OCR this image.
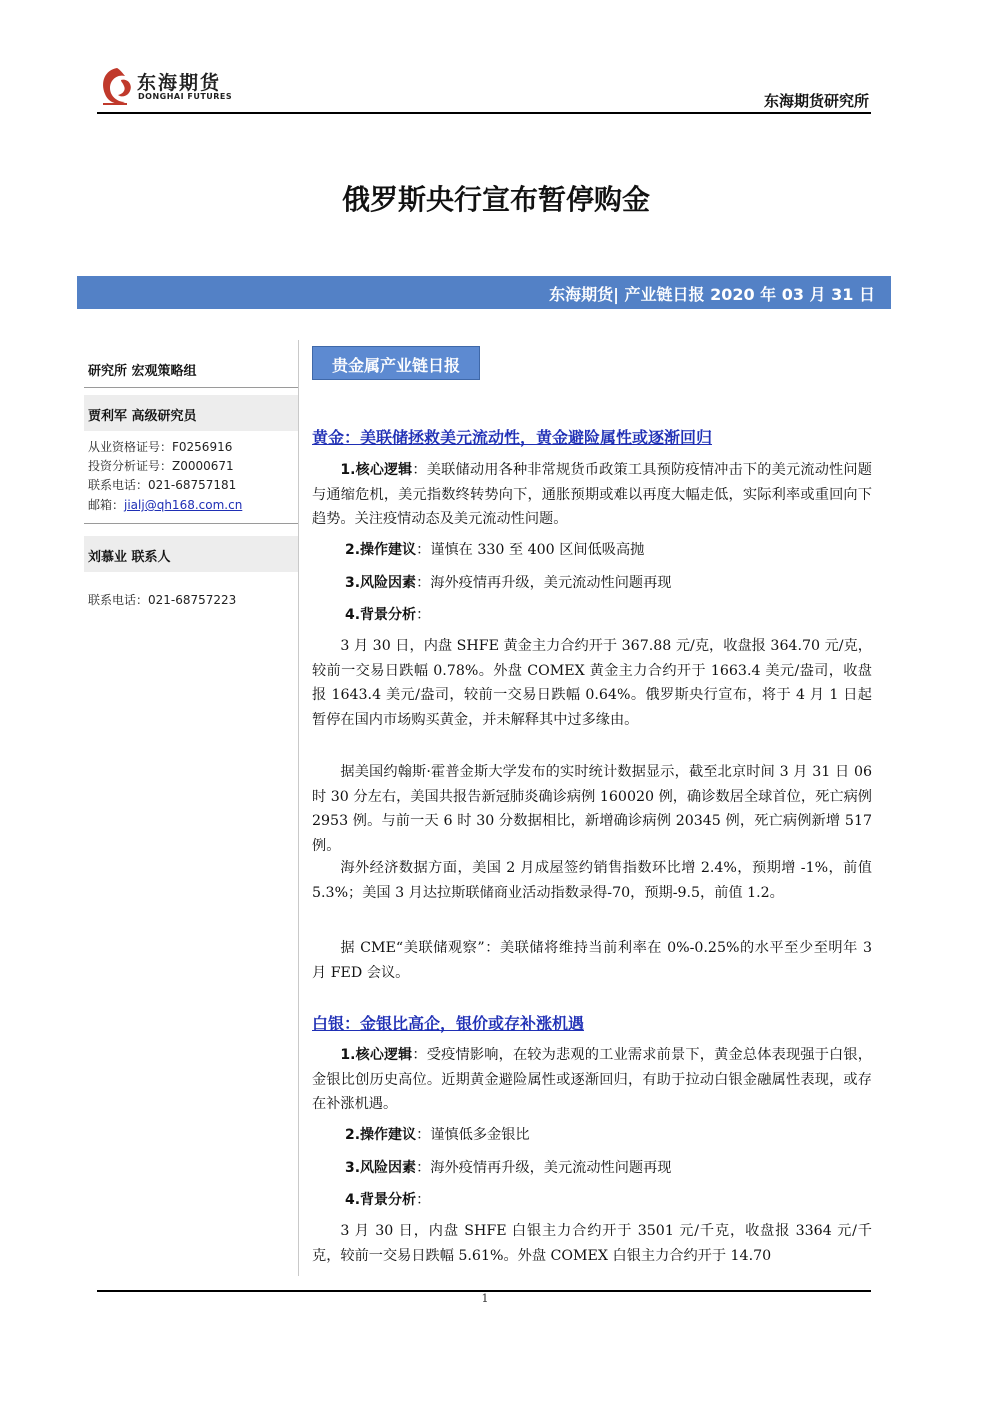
东海期货
DONGHAI FUTURES	东海期货研究所
俄罗斯央行宣布暂停购金
东海期货| 产业链日报 2020 年 03 月 31 日
研究所 宏观策略组
贾利军 高级研究员
从业资格证号：F0256916
投资分析证号：Z0000671
联系电话：021-68757181
邮箱：jialj@qh168.com.cn
刘慕业 联系人
联系电话：021-68757223
贵金属产业链日报
黄金：美联储拯救美元流动性，黄金避险属性或逐渐回归
1.核心逻辑：美联储动用各种非常规货币政策工具预防疫情冲击下的美元流动性问题与通缩危机，美元指数终转势向下，通胀预期或难以再度大幅走低，实际利率或重回向下趋势。关注疫情动态及美元流动性问题。
2.操作建议：谨慎在 330 至 400 区间低吸高抛
3.风险因素：海外疫情再升级，美元流动性问题再现
4.背景分析：
3 月 30 日，内盘 SHFE 黄金主力合约开于 367.88 元/克，收盘报 364.70 元/克，较前一交易日跌幅 0.78%。外盘 COMEX 黄金主力合约开于 1663.4 美元/盎司，收盘报 1643.4 美元/盎司，较前一交易日跌幅 0.64%。俄罗斯央行宣布，将于 4 月 1 日起暂停在国内市场购买黄金，并未解释其中过多缘由。
据美国约翰斯·霍普金斯大学发布的实时统计数据显示，截至北京时间 3 月 31 日 06 时 30 分左右，美国共报告新冠肺炎确诊病例 160020 例，确诊数居全球首位，死亡病例 2953 例。与前一天 6 时 30 分数据相比，新增确诊病例 20345 例，死亡病例新增 517 例。
海外经济数据方面，美国 2 月成屋签约销售指数环比增 2.4%，预期增 -1%，前值 5.3%；美国 3 月达拉斯联储商业活动指数录得-70，预期-9.5，前值 1.2。
据 CME“美联储观察”：美联储将维持当前利率在 0%-0.25%的水平至少至明年 3 月 FED 会议。
白银：金银比高企，银价或存补涨机遇
1.核心逻辑：受疫情影响，在较为悲观的工业需求前景下，黄金总体表现强于白银，金银比创历史高位。近期黄金避险属性或逐渐回归，有助于拉动白银金融属性表现，或存在补涨机遇。
2.操作建议：谨慎低多金银比
3.风险因素：海外疫情再升级，美元流动性问题再现
4.背景分析：
3 月 30 日，内盘 SHFE 白银主力合约开于 3501 元/千克，收盘报 3364 元/千克，较前一交易日跌幅 5.61%。外盘 COMEX 白银主力合约开于 14.70
1
